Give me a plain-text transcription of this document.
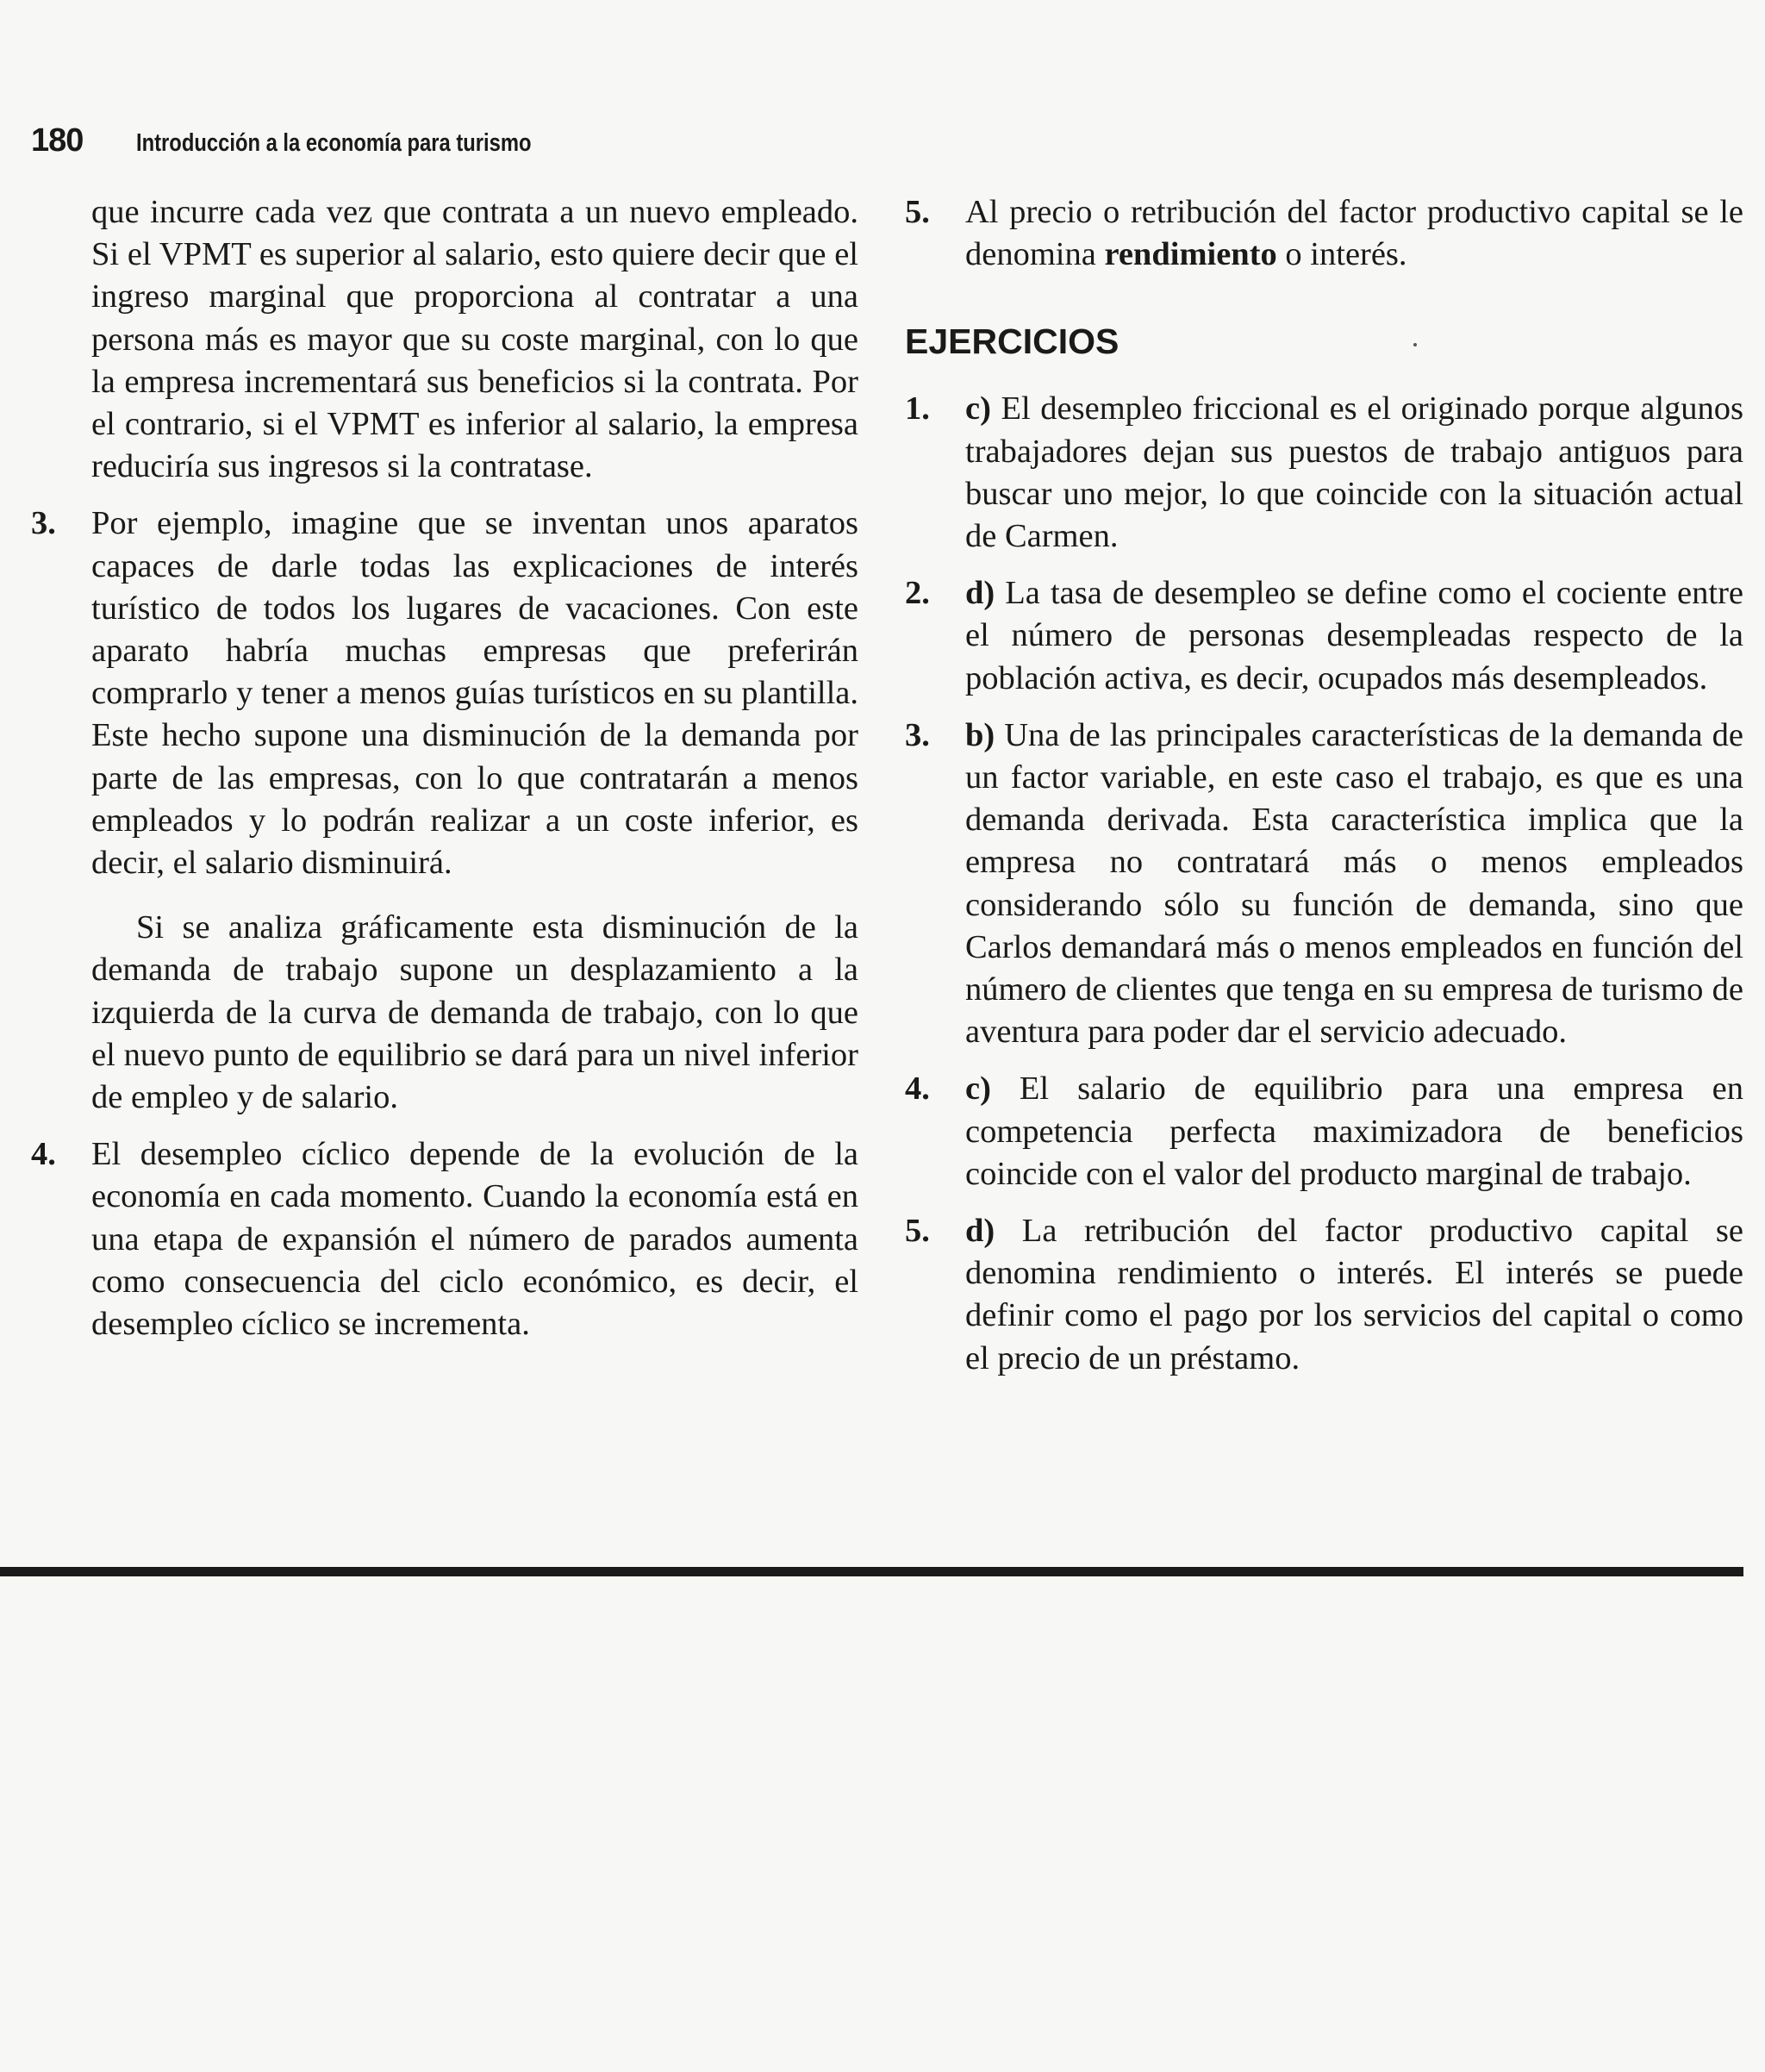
180 Introducción a la economía para turismo

que incurre cada vez que contrata a un nuevo empleado. Si el VPMT es superior al salario, esto quiere decir que el ingreso marginal que proporciona al contratar a una persona más es mayor que su coste marginal, con lo que la empresa incrementará sus beneficios si la contrata. Por el contrario, si el VPMT es inferior al salario, la empresa reduciría sus ingresos si la contratase.

3. Por ejemplo, imagine que se inventan unos aparatos capaces de darle todas las explicaciones de interés turístico de todos los lugares de vacaciones. Con este aparato habría muchas empresas que preferirán comprarlo y tener a menos guías turísticos en su plantilla. Este hecho supone una disminución de la demanda por parte de las empresas, con lo que contratarán a menos empleados y lo podrán realizar a un coste inferior, es decir, el salario disminuirá.

Si se analiza gráficamente esta disminución de la demanda de trabajo supone un desplazamiento a la izquierda de la curva de demanda de trabajo, con lo que el nuevo punto de equilibrio se dará para un nivel inferior de empleo y de salario.

4. El desempleo cíclico depende de la evolución de la economía en cada momento. Cuando la economía está en una etapa de expansión el número de parados aumenta como consecuencia del ciclo económico, es decir, el desempleo cíclico se incrementa.

5. Al precio o retribución del factor productivo capital se le denomina rendimiento o interés.

EJERCICIOS
1. c) El desempleo friccional es el originado porque algunos trabajadores dejan sus puestos de trabajo antiguos para buscar uno mejor, lo que coincide con la situación actual de Carmen.

2. d) La tasa de desempleo se define como el cociente entre el número de personas desempleadas respecto de la población activa, es decir, ocupados más desempleados.

3. b) Una de las principales características de la demanda de un factor variable, en este caso el trabajo, es que es una demanda derivada. Esta característica implica que la empresa no contratará más o menos empleados considerando sólo su función de demanda, sino que Carlos demandará más o menos empleados en función del número de clientes que tenga en su empresa de turismo de aventura para poder dar el servicio adecuado.

4. c) El salario de equilibrio para una empresa en competencia perfecta maximizadora de beneficios coincide con el valor del producto marginal de trabajo.

5. d) La retribución del factor productivo capital se denomina rendimiento o interés. El interés se puede definir como el pago por los servicios del capital o como el precio de un préstamo.
